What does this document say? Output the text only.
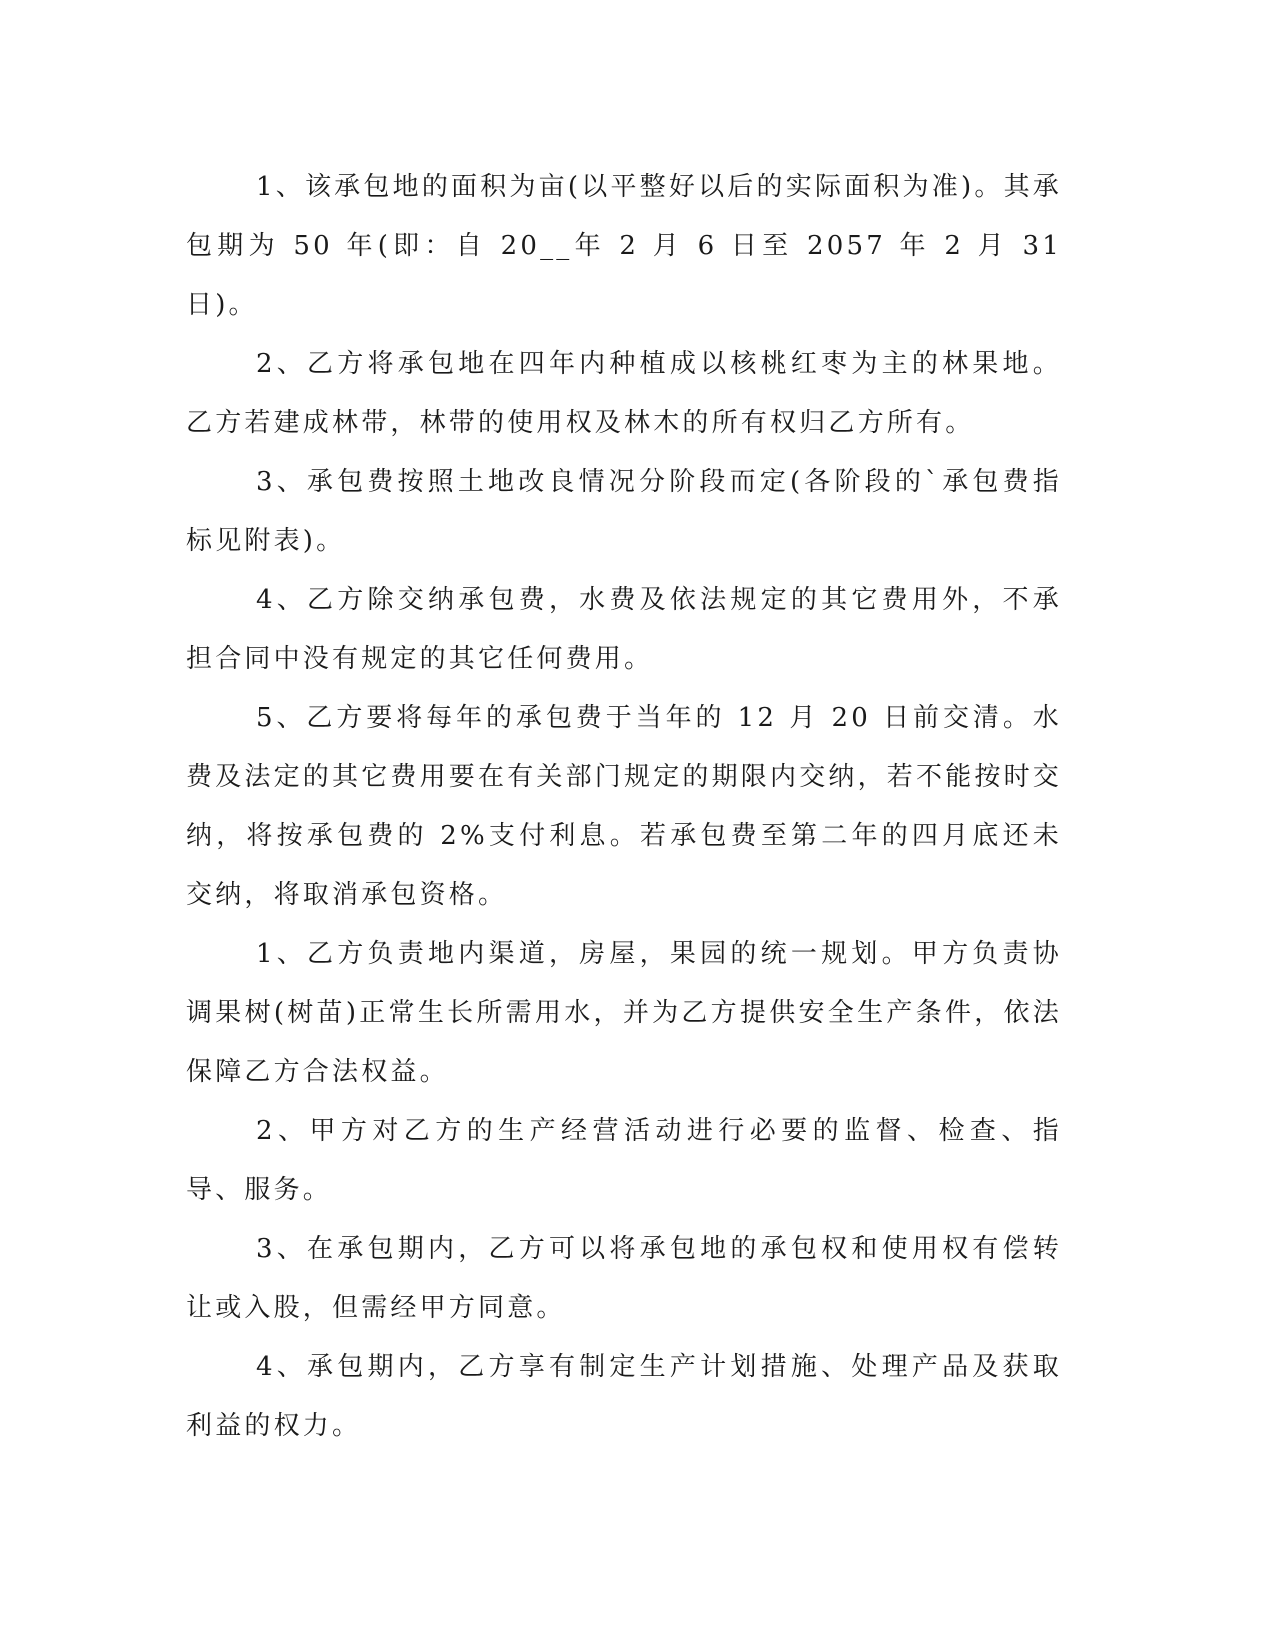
1、该承包地的面积为亩(以平整好以后的实际面积为准)。其承包期为 50 年(即：自 20__年 2 月 6 日至 2057 年 2 月 31 日)。

2、乙方将承包地在四年内种植成以核桃红枣为主的林果地。乙方若建成林带，林带的使用权及林木的所有权归乙方所有。

3、承包费按照土地改良情况分阶段而定(各阶段的`承包费指标见附表)。

4、乙方除交纳承包费，水费及依法规定的其它费用外，不承担合同中没有规定的其它任何费用。

5、乙方要将每年的承包费于当年的 12 月 20 日前交清。水费及法定的其它费用要在有关部门规定的期限内交纳，若不能按时交纳，将按承包费的 2%支付利息。若承包费至第二年的四月底还未交纳，将取消承包资格。

1、乙方负责地内渠道，房屋，果园的统一规划。甲方负责协调果树(树苗)正常生长所需用水，并为乙方提供安全生产条件，依法保障乙方合法权益。

2、甲方对乙方的生产经营活动进行必要的监督、检查、指导、服务。

3、在承包期内，乙方可以将承包地的承包权和使用权有偿转让或入股，但需经甲方同意。

4、承包期内，乙方享有制定生产计划措施、处理产品及获取利益的权力。
